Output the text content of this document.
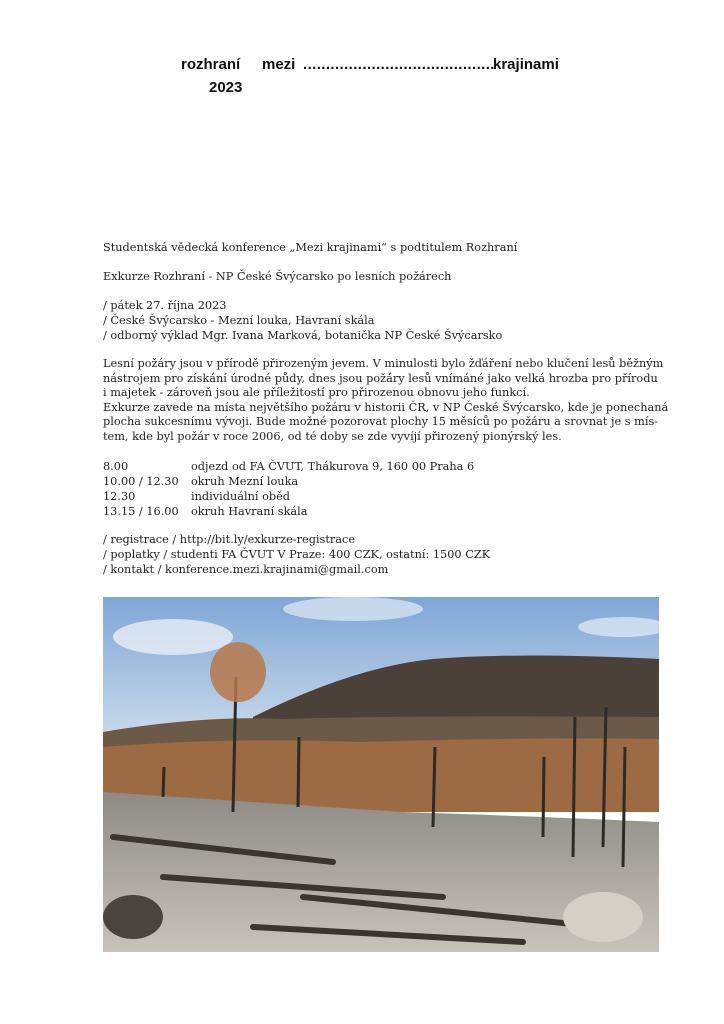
rozhraní mezi ..........................................
krajinami
2023
Studentská vědecká konference „Mezi krajinami“ s podtitulem Rozhraní
Exkurze Rozhraní - NP České Švýcarsko po lesních požárech
/ pátek 27. října 2023
/ České Švýcarsko - Mezní louka, Havraní skála
/ odborný výklad Mgr. Ivana Marková, botanička NP České Švýcarsko
Lesní požáry jsou v přírodě přirozeným jevem. V minulosti bylo žďáření nebo klučení lesů běžným
nástrojem pro získání úrodné půdy, dnes jsou požáry lesů vnímáné jako velká hrozba pro přírodu
i majetek - zároveň jsou ale příležitostí pro přirozenou obnovu jeho funkcí.
Exkurze zavede na místa největšího požáru v historii ČR, v NP České Švýcarsko, kde je ponechaná
plocha sukcesnímu vývoji. Bude možné pozorovat plochy 15 měsíců po požáru a srovnat je s mís-
tem, kde byl požár v roce 2006, od té doby se zde vyvíjí přirozený pionýrský les.
8.00	odjezd od FA ČVUT, Thákurova 9, 160 00 Praha 6
10.00 / 12.30	okruh Mezní louka
12.30	individuální oběd
13.15 / 16.00	okruh Havraní skála
/ registrace / http://bit.ly/exkurze-registrace
/ poplatky / studenti FA ČVUT V Praze: 400 CZK, ostatní: 1500 CZK
/ kontakt / konference.mezi.krajinami@gmail.com
